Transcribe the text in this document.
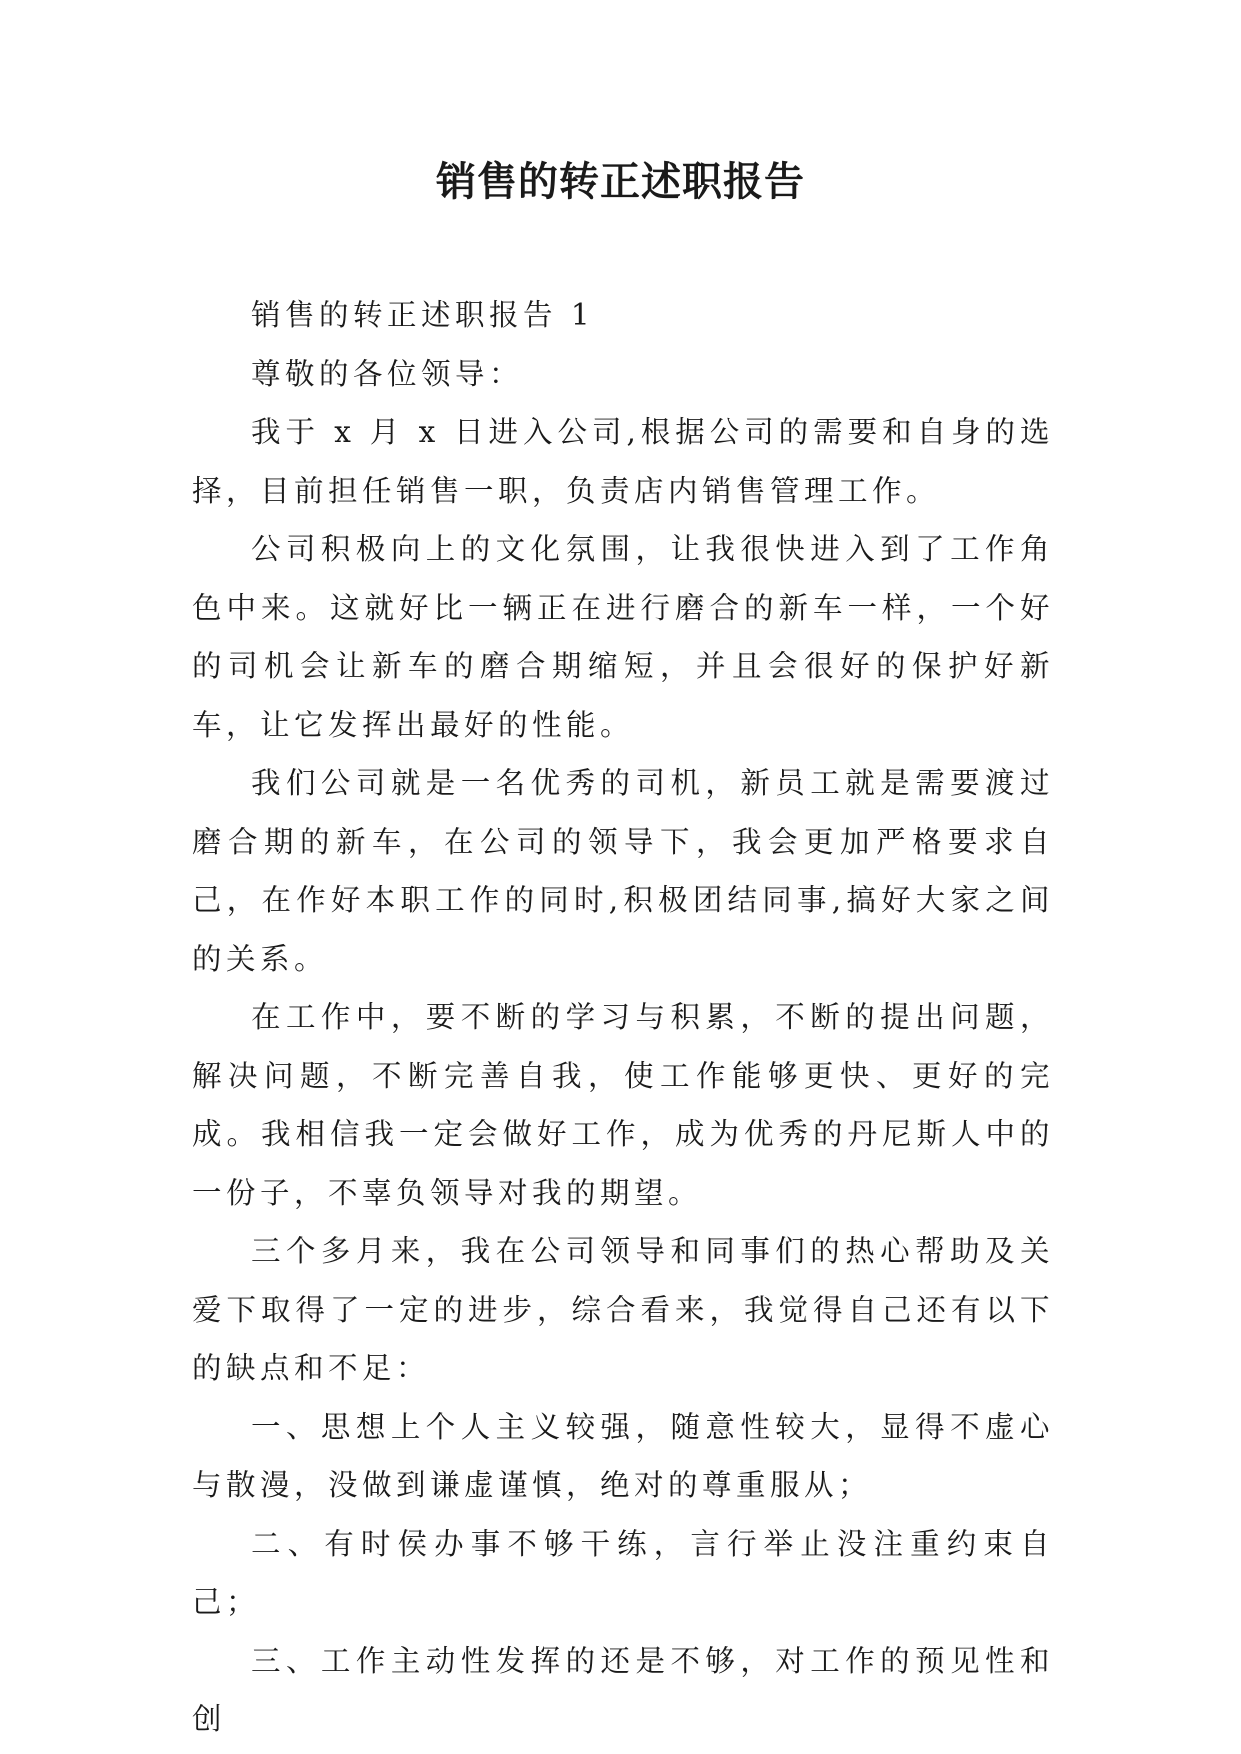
销售的转正述职报告

销售的转正述职报告 1

尊敬的各位领导：

我于 x 月 x 日进入公司,根据公司的需要和自身的选择，目前担任销售一职，负责店内销售管理工作。

公司积极向上的文化氛围，让我很快进入到了工作角色中来。这就好比一辆正在进行磨合的新车一样，一个好的司机会让新车的磨合期缩短，并且会很好的保护好新车，让它发挥出最好的性能。

我们公司就是一名优秀的司机，新员工就是需要渡过磨合期的新车，在公司的领导下，我会更加严格要求自己，在作好本职工作的同时,积极团结同事,搞好大家之间的关系。

在工作中，要不断的学习与积累，不断的提出问题，解决问题，不断完善自我，使工作能够更快、更好的完成。我相信我一定会做好工作，成为优秀的丹尼斯人中的一份子，不辜负领导对我的期望。

三个多月来，我在公司领导和同事们的热心帮助及关爱下取得了一定的进步，综合看来，我觉得自己还有以下的缺点和不足：

一、思想上个人主义较强，随意性较大，显得不虚心与散漫，没做到谦虚谨慎，绝对的尊重服从；

二、有时侯办事不够干练，言行举止没注重约束自己；

三、工作主动性发挥的还是不够，对工作的预见性和创
